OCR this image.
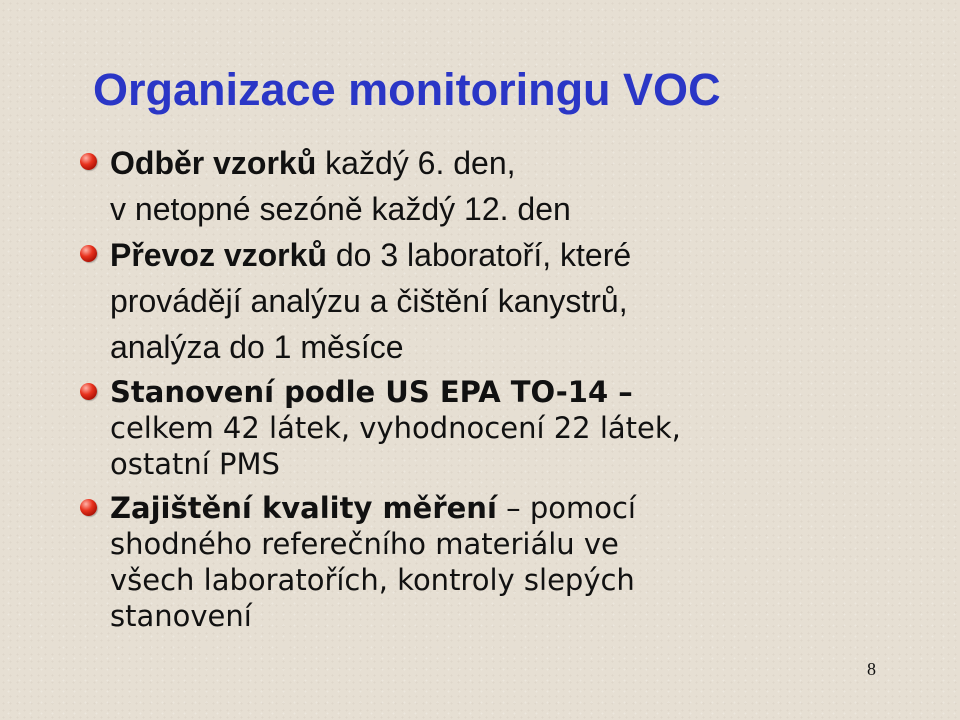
Organizace monitoringu VOC
Odběr vzorků každý 6. den,
v netopné sezóně každý 12. den
Převoz vzorků do 3 laboratoří, které
provádějí analýzu a čištění kanystrů,
analýza do 1 měsíce
Stanovení podle US EPA TO-14 –
celkem 42 látek, vyhodnocení 22 látek,
ostatní PMS
Zajištění kvality měření – pomocí
shodného referečního materiálu ve
všech laboratořích, kontroly slepých
stanovení
8
